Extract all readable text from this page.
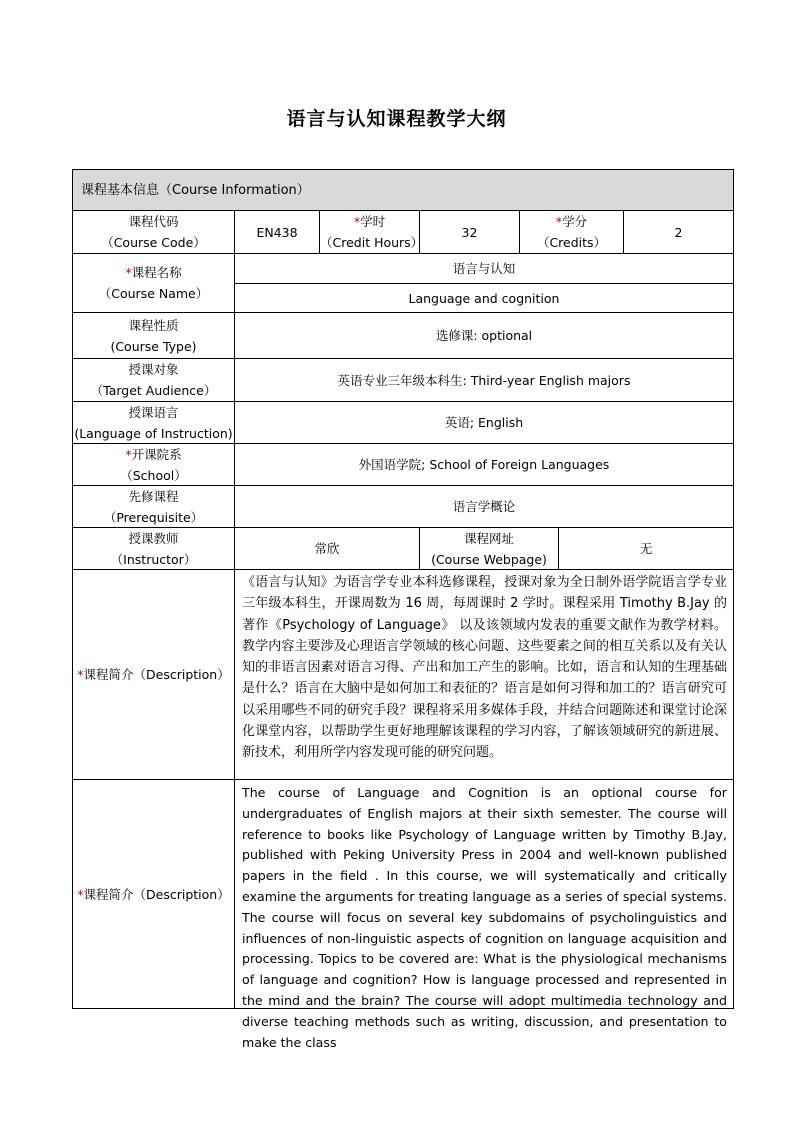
语言与认知课程教学大纲
课程基本信息（Course Information）
课程代码
（Course Code）
EN438
*学时
（Credit Hours）
32
*学分
（Credits）
2
*课程名称
（Course Name）
语言与认知
Language and cognition
课程性质
(Course Type)
选修课: optional
授课对象
（Target Audience）
英语专业三年级本科生: Third-year English majors
授课语言
(Language of Instruction)
英语; English
*开课院系
（School）
外国语学院; School of Foreign Languages
先修课程
（Prerequisite）
语言学概论
授课教师
（Instructor）
常欣
课程网址
(Course Webpage)
无
*课程简介（Description）
《语言与认知》为语言学专业本科选修课程，授课对象为全日制外语学院语言学专业三年级本科生，开课周数为 16 周，每周课时 2 学时。课程采用 Timothy B.Jay 的著作《Psychology of Language》 以及该领域内发表的重要文献作为教学材料。教学内容主要涉及心理语言学领域的核心问题、这些要素之间的相互关系以及有关认知的非语言因素对语言习得、产出和加工产生的影响。比如，语言和认知的生理基础是什么？语言在大脑中是如何加工和表征的？语言是如何习得和加工的？语言研究可以采用哪些不同的研究手段？课程将采用多媒体手段，并结合问题陈述和课堂讨论深化课堂内容，以帮助学生更好地理解该课程的学习内容，了解该领域研究的新进展、新技术，利用所学内容发现可能的研究问题。
*课程简介（Description）
The course of Language and Cognition is an optional course for undergraduates of English majors at their sixth semester. The course will reference to books like Psychology of Language written by Timothy B.Jay, published with Peking University Press in 2004 and well-known published papers in the field . In this course, we will systematically and critically examine the arguments for treating language as a series of special systems. The course will focus on several key subdomains of psycholinguistics and influences of non-linguistic aspects of cognition on language acquisition and processing. Topics to be covered are: What is the physiological mechanisms of language and cognition? How is language processed and represented in the mind and the brain? The course will adopt multimedia technology and diverse teaching methods such as writing, discussion, and presentation to make the class
